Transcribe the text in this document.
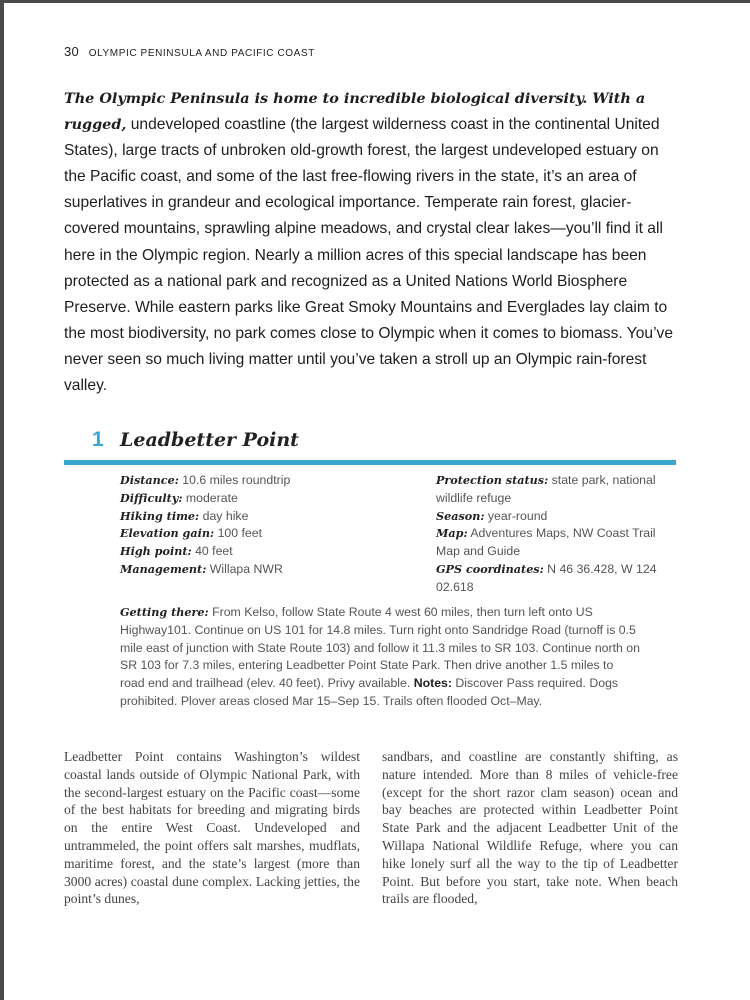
30 OLYMPIC PENINSULA AND PACIFIC COAST

The Olympic Peninsula is home to incredible biological diversity. With a rugged, undeveloped coastline (the largest wilderness coast in the continental United States), large tracts of unbroken old-growth forest, the largest undeveloped estuary on the Pacific coast, and some of the last free-flowing rivers in the state, it’s an area of superlatives in grandeur and ecological importance. Temperate rain forest, glacier-covered mountains, sprawling alpine meadows, and crystal clear lakes—you’ll find it all here in the Olympic region. Nearly a million acres of this special landscape has been protected as a national park and recognized as a United Nations World Biosphere Preserve. While eastern parks like Great Smoky Mountains and Everglades lay claim to the most biodiversity, no park comes close to Olympic when it comes to biomass. You’ve never seen so much living matter until you’ve taken a stroll up an Olympic rain-forest valley.

1 Leadbetter Point

Distance: 10.6 miles roundtrip

Difficulty: moderate

Hiking time: day hike

Elevation gain: 100 feet

High point: 40 feet

Management: Willapa NWR

Protection status: state park, national wildlife refuge

Season: year-round

Map: Adventures Maps, NW Coast Trail Map and Guide

GPS coordinates: N 46 36.428, W 124 02.618

Getting there: From Kelso, follow State Route 4 west 60 miles, then turn left onto US Highway101. Continue on US 101 for 14.8 miles. Turn right onto Sandridge Road (turnoff is 0.5 mile east of junction with State Route 103) and follow it 11.3 miles to SR 103. Continue north on SR 103 for 7.3 miles, entering Leadbetter Point State Park. Then drive another 1.5 miles to road end and trailhead (elev. 40 feet). Privy available. Notes: Discover Pass required. Dogs prohibited. Plover areas closed Mar 15–Sep 15. Trails often flooded Oct–May.

Leadbetter Point contains Washington’s wildest coastal lands outside of Olympic National Park, with the second-largest estuary on the Pacific coast—some of the best habitats for breeding and migrating birds on the entire West Coast. Undeveloped and untrammeled, the point offers salt marshes, mudflats, maritime forest, and the state’s largest (more than 3000 acres) coastal dune complex. Lacking jetties, the point’s dunes,

sandbars, and coastline are constantly shifting, as nature intended. More than 8 miles of vehicle-free (except for the short razor clam season) ocean and bay beaches are protected within Leadbetter Point State Park and the adjacent Leadbetter Unit of the Willapa National Wildlife Refuge, where you can hike lonely surf all the way to the tip of Leadbetter Point. But before you start, take note. When beach trails are flooded,
